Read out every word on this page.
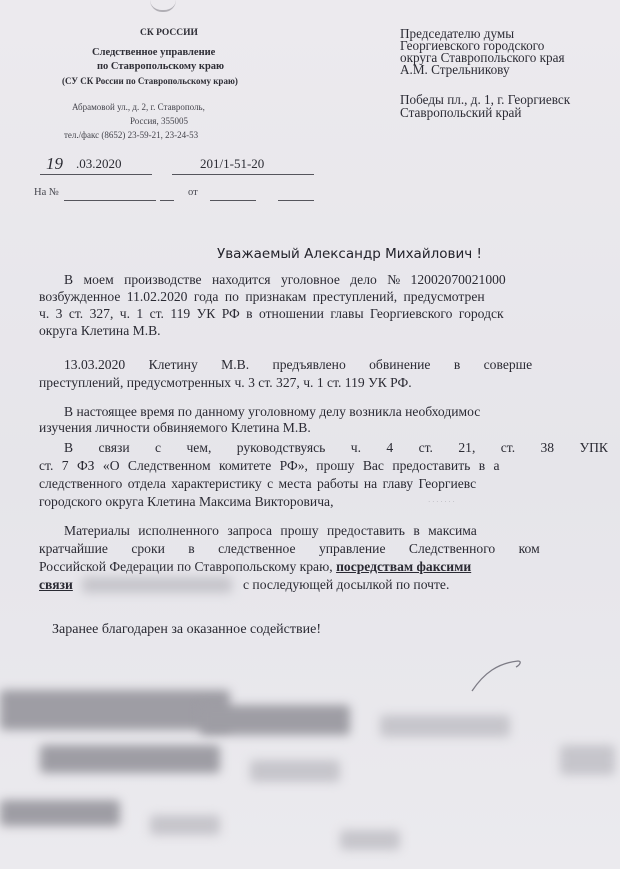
СК РОССИИ
Следственное управление
по Ставропольскому краю
(СУ СК России по Ставропольскому краю)
Абрамовой ул., д. 2, г. Ставрополь,
Россия, 355005
тел./факс (8652) 23-59-21, 23-24-53
19 .03.2020	201/1-51-20
На №	от
Председателю думы
Георгиевского городского
округа Ставропольского края
А.М. Стрельникову
Победы пл., д. 1, г. Георгиевск
Ставропольский край
Уважаемый Александр Михайлович !
В моем производстве находится уголовное дело № 12002070021000
возбужденное 11.02.2020 года по признакам преступлений, предусмотрен
ч. 3 ст. 327, ч. 1 ст. 119 УК РФ в отношении главы Георгиевского городск
округа Клетина М.В.
13.03.2020 Клетину М.В. предъявлено обвинение в соверше
преступлений, предусмотренных ч. 3 ст. 327, ч. 1 ст. 119 УК РФ.
В настоящее время по данному уголовному делу возникла необходимос
изучения личности обвиняемого Клетина М.В.
В связи с чем, руководствуясь ч. 4 ст. 21, ст. 38 УПК
ст. 7 ФЗ «О Следственном комитете РФ», прошу Вас предоставить в а
следственного отдела характеристику с места работы на главу Георгиевс
городского округа Клетина Максима Викторовича,	· · · · · · ·
Материалы исполненного запроса прошу предоставить в максима
кратчайшие сроки в следственное управление Следственного ком
Российской Федерации по Ставропольскому краю, посредствам факсими
связи	с последующей досылкой по почте.
Заранее благодарен за оказанное содействие!
